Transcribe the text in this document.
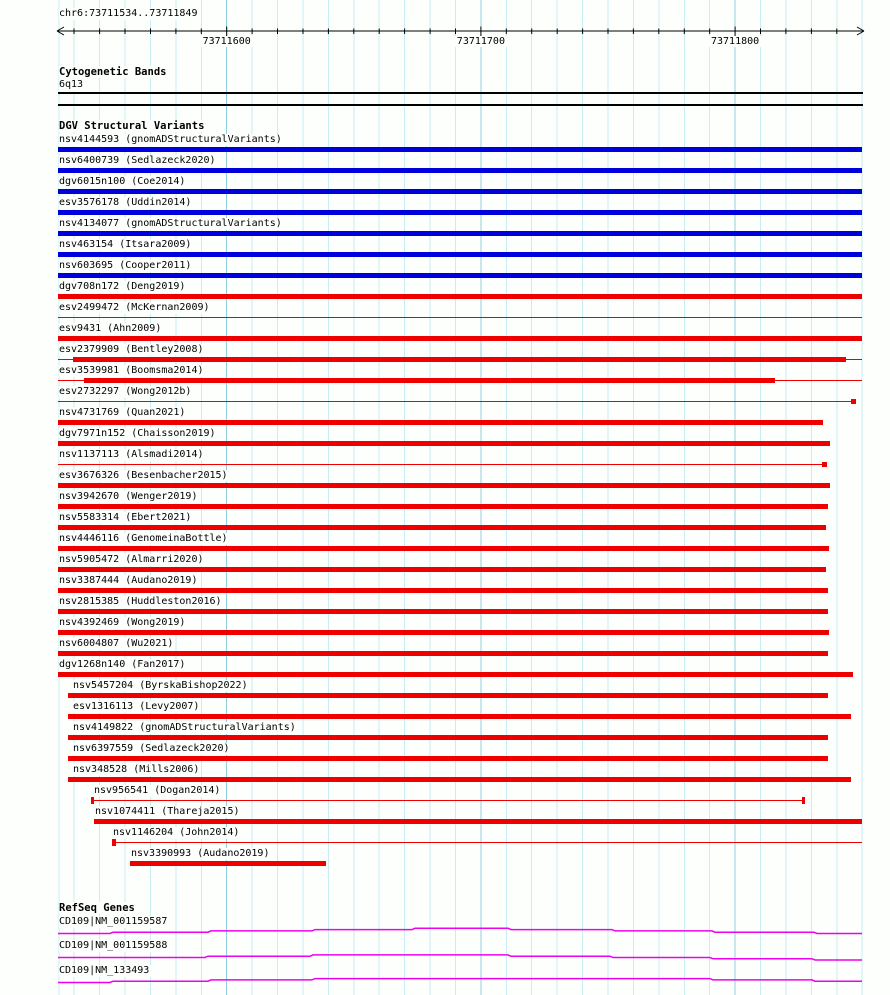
chr6:73711534..73711849
73711600	73711700	73711800
Cytogenetic Bands
6q13
DGV Structural Variants
nsv4144593 (gnomADStructuralVariants)
nsv6400739 (Sedlazeck2020)
dgv6015n100 (Coe2014)
esv3576178 (Uddin2014)
nsv4134077 (gnomADStructuralVariants)
nsv463154 (Itsara2009)
nsv603695 (Cooper2011)
dgv708n172 (Deng2019)
esv2499472 (McKernan2009)
esv9431 (Ahn2009)
esv2379909 (Bentley2008)
esv3539981 (Boomsma2014)
esv2732297 (Wong2012b)
nsv4731769 (Quan2021)
dgv7971n152 (Chaisson2019)
nsv1137113 (Alsmadi2014)
esv3676326 (Besenbacher2015)
nsv3942670 (Wenger2019)
nsv5583314 (Ebert2021)
nsv4446116 (GenomeinaBottle)
nsv5905472 (Almarri2020)
nsv3387444 (Audano2019)
nsv2815385 (Huddleston2016)
nsv4392469 (Wong2019)
nsv6004807 (Wu2021)
dgv1268n140 (Fan2017)
nsv5457204 (ByrskaBishop2022)
esv1316113 (Levy2007)
nsv4149822 (gnomADStructuralVariants)
nsv6397559 (Sedlazeck2020)
nsv348528 (Mills2006)
nsv956541 (Dogan2014)
nsv1074411 (Thareja2015)
nsv1146204 (John2014)
nsv3390993 (Audano2019)
RefSeq Genes
CD109|NM_001159587
CD109|NM_001159588
CD109|NM_133493
